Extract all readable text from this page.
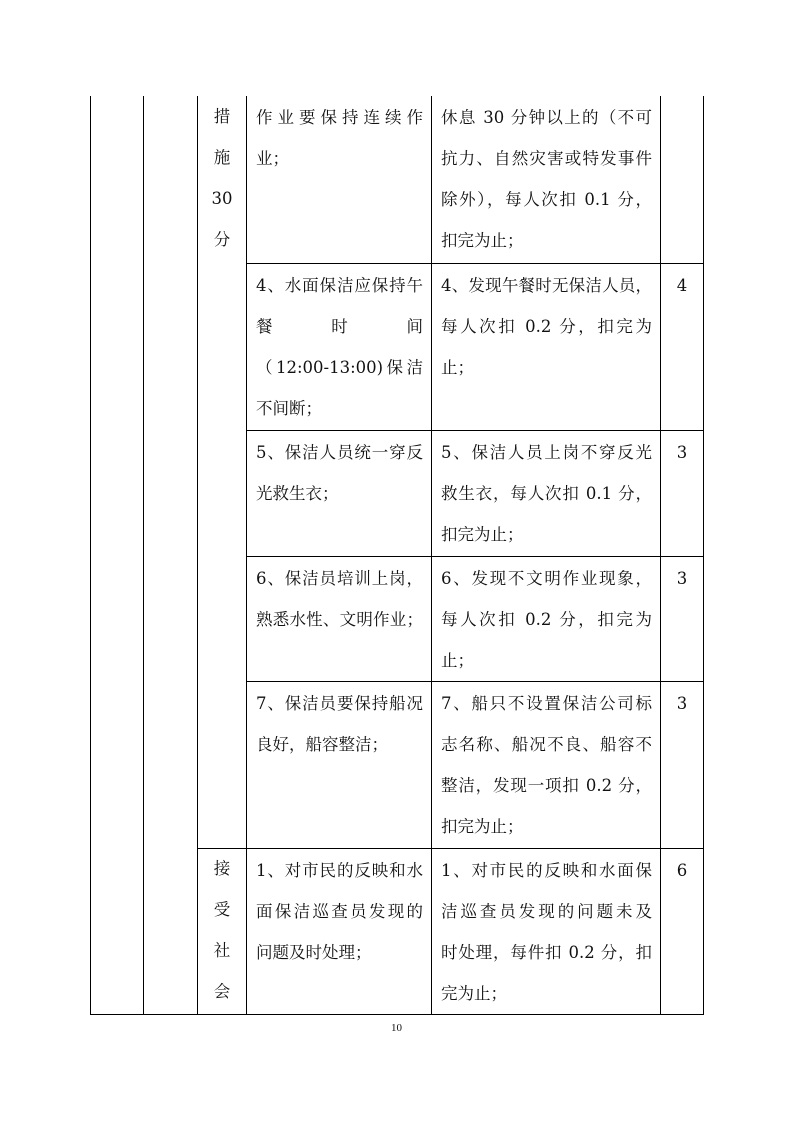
措
施
30
分
接
受
社
会
作业要保持连续作
业；
休息 30 分钟以上的（不可
抗力、自然灾害或特发事件
除外），每人次扣 0.1 分，
扣完为止；
4、水面保洁应保持午
餐 时 间
（12:00-13:00)保洁
不间断；
4、发现午餐时无保洁人员，
每人次扣 0.2 分，扣完为
止；
4
5、保洁人员统一穿反
光救生衣；
5、保洁人员上岗不穿反光
救生衣，每人次扣 0.1 分，
扣完为止；
3
6、保洁员培训上岗，
熟悉水性、文明作业；
6、发现不文明作业现象，
每人次扣 0.2 分，扣完为
止；
3
7、保洁员要保持船况
良好，船容整洁；
7、船只不设置保洁公司标
志名称、船况不良、船容不
整洁，发现一项扣 0.2 分，
扣完为止；
3
1、对市民的反映和水
面保洁巡查员发现的
问题及时处理；
1、对市民的反映和水面保
洁巡查员发现的问题未及
时处理，每件扣 0.2 分，扣
完为止；
6
10
